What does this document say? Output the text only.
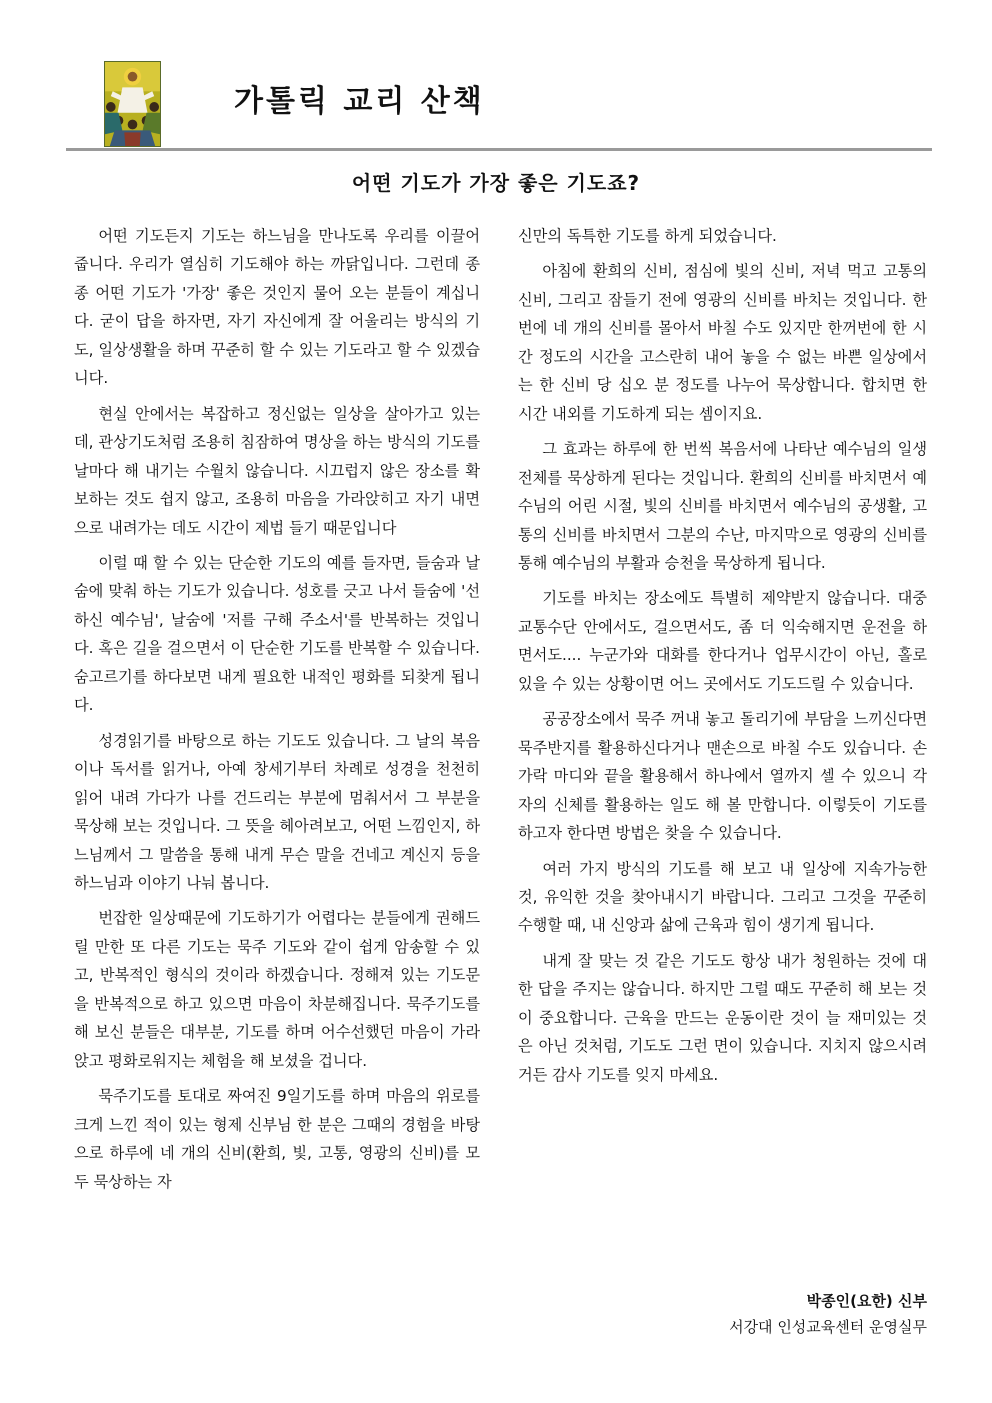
가톨릭 교리 산책
어떤 기도가 가장 좋은 기도죠?

어떤 기도든지 기도는 하느님을 만나도록 우리를 이끌어 줍니다. 우리가 열심히 기도해야 하는 까닭입니다. 그런데 종종 어떤 기도가 '가장' 좋은 것인지 물어 오는 분들이 계십니다. 굳이 답을 하자면, 자기 자신에게 잘 어울리는 방식의 기도, 일상생활을 하며 꾸준히 할 수 있는 기도라고 할 수 있겠습니다.

현실 안에서는 복잡하고 정신없는 일상을 살아가고 있는데, 관상기도처럼 조용히 침잠하여 명상을 하는 방식의 기도를 날마다 해 내기는 수월치 않습니다. 시끄럽지 않은 장소를 확보하는 것도 쉽지 않고, 조용히 마음을 가라앉히고 자기 내면으로 내려가는 데도 시간이 제법 들기 때문입니다

이럴 때 할 수 있는 단순한 기도의 예를 들자면, 들숨과 날숨에 맞춰 하는 기도가 있습니다. 성호를 긋고 나서 들숨에 '선하신 예수님', 날숨에 '저를 구해 주소서'를 반복하는 것입니다. 혹은 길을 걸으면서 이 단순한 기도를 반복할 수 있습니다. 숨고르기를 하다보면 내게 필요한 내적인 평화를 되찾게 됩니다.

성경읽기를 바탕으로 하는 기도도 있습니다. 그 날의 복음이나 독서를 읽거나, 아예 창세기부터 차례로 성경을 천천히 읽어 내려 가다가 나를 건드리는 부분에 멈춰서서 그 부분을 묵상해 보는 것입니다. 그 뜻을 헤아려보고, 어떤 느낌인지, 하느님께서 그 말씀을 통해 내게 무슨 말을 건네고 계신지 등을 하느님과 이야기 나눠 봅니다.

번잡한 일상때문에 기도하기가 어렵다는 분들에게 권해드릴 만한 또 다른 기도는 묵주 기도와 같이 쉽게 암송할 수 있고, 반복적인 형식의 것이라 하겠습니다. 정해져 있는 기도문을 반복적으로 하고 있으면 마음이 차분해집니다. 묵주기도를 해 보신 분들은 대부분, 기도를 하며 어수선했던 마음이 가라앉고 평화로워지는 체험을 해 보셨을 겁니다.

묵주기도를 토대로 짜여진 9일기도를 하며 마음의 위로를 크게 느낀 적이 있는 형제 신부님 한 분은 그때의 경험을 바탕으로 하루에 네 개의 신비(환희, 빛, 고통, 영광의 신비)를 모두 묵상하는 자

신만의 독특한 기도를 하게 되었습니다.

아침에 환희의 신비, 점심에 빛의 신비, 저녁 먹고 고통의 신비, 그리고 잠들기 전에 영광의 신비를 바치는 것입니다. 한 번에 네 개의 신비를 몰아서 바칠 수도 있지만 한꺼번에 한 시간 정도의 시간을 고스란히 내어 놓을 수 없는 바쁜 일상에서는 한 신비 당 십오 분 정도를 나누어 묵상합니다. 합치면 한 시간 내외를 기도하게 되는 셈이지요.

그 효과는 하루에 한 번씩 복음서에 나타난 예수님의 일생 전체를 묵상하게 된다는 것입니다. 환희의 신비를 바치면서 예수님의 어린 시절, 빛의 신비를 바치면서 예수님의 공생활, 고통의 신비를 바치면서 그분의 수난, 마지막으로 영광의 신비를 통해 예수님의 부활과 승천을 묵상하게 됩니다.

기도를 바치는 장소에도 특별히 제약받지 않습니다. 대중교통수단 안에서도, 걸으면서도, 좀 더 익숙해지면 운전을 하면서도.... 누군가와 대화를 한다거나 업무시간이 아닌, 홀로 있을 수 있는 상황이면 어느 곳에서도 기도드릴 수 있습니다.

공공장소에서 묵주 꺼내 놓고 돌리기에 부담을 느끼신다면 묵주반지를 활용하신다거나 맨손으로 바칠 수도 있습니다. 손가락 마디와 끝을 활용해서 하나에서 열까지 셀 수 있으니 각자의 신체를 활용하는 일도 해 볼 만합니다. 이렇듯이 기도를 하고자 한다면 방법은 찾을 수 있습니다.

여러 가지 방식의 기도를 해 보고 내 일상에 지속가능한 것, 유익한 것을 찾아내시기 바랍니다. 그리고 그것을 꾸준히 수행할 때, 내 신앙과 삶에 근육과 힘이 생기게 됩니다.

내게 잘 맞는 것 같은 기도도 항상 내가 청원하는 것에 대한 답을 주지는 않습니다. 하지만 그럴 때도 꾸준히 해 보는 것이 중요합니다. 근육을 만드는 운동이란 것이 늘 재미있는 것은 아닌 것처럼, 기도도 그런 면이 있습니다. 지치지 않으시려거든 감사 기도를 잊지 마세요.

박종인(요한) 신부
서강대 인성교육센터 운영실무
